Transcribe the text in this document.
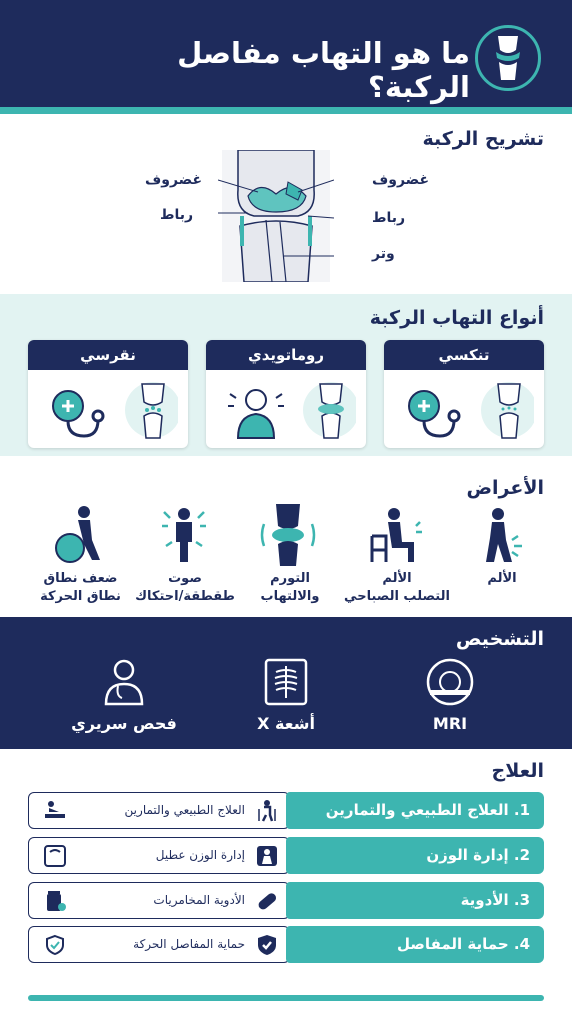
ما هو التهاب مفاصل الركبة؟
تشريح الركبة
غضروف
رباط
غضروف
رباط
وتر
أنواع التهاب الركبة
تنكسي
روماتويدي
نقرسي
الأعراض
الألم
الألم
التصلب الصباحي
التورم
والالتهاب
صوت
طقطقة/احتكاك
ضعف نطاق
نطاق الحركة
التشخيص
MRI
أشعة X
فحص سريري
العلاج
العلاج الطبيعي والتمارين	1. العلاج الطبيعي والتمارين
إدارة الوزن عطيل	2. إدارة الوزن
الأدوية المخامريات	3. الأدوية
حماية المفاصل الحركة	4. حماية المفاصل
